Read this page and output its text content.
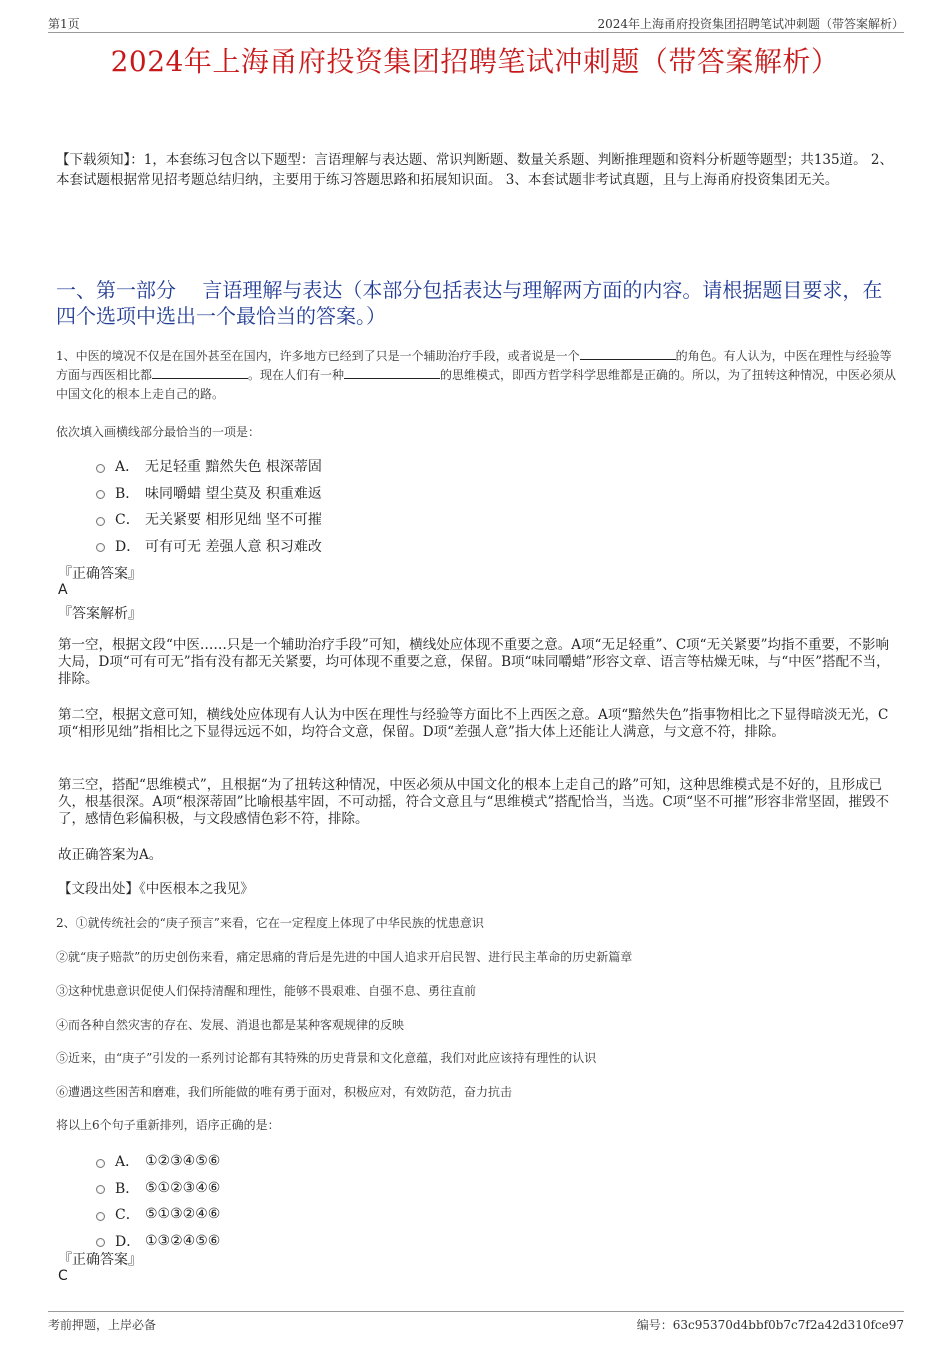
第1页	2024年上海甬府投资集团招聘笔试冲刺题（带答案解析）
2024年上海甬府投资集团招聘笔试冲刺题（带答案解析）
【下载须知】：1，本套练习包含以下题型：言语理解与表达题、常识判断题、数量关系题、判断推理题和资料分析题等题型；共135道。 2、本套试题根据常见招考题总结归纳，主要用于练习答题思路和拓展知识面。 3、本套试题非考试真题，且与上海甬府投资集团无关。
一、第一部分　 言语理解与表达（本部分包括表达与理解两方面的内容。请根据题目要求，在四个选项中选出一个最恰当的答案。）
1、中医的境况不仅是在国外甚至在国内，许多地方已经到了只是一个辅助治疗手段，或者说是一个	的角色。有人认为，中医在理性与经验等方面与西医相比都	。现在人们有一种	的思维模式，即西方哲学科学思维都是正确的。所以，为了扭转这种情况，中医必须从中国文化的根本上走自己的路。
依次填入画横线部分最恰当的一项是：
A． 无足轻重 黯然失色 根深蒂固
B． 味同嚼蜡 望尘莫及 积重难返
C． 无关紧要 相形见绌 坚不可摧
D． 可有可无 差强人意 积习难改
『正确答案』
A
『答案解析』
第一空，根据文段“中医……只是一个辅助治疗手段”可知，横线处应体现不重要之意。A项“无足轻重”、C项“无关紧要”均指不重要，不影响大局，D项“可有可无”指有没有都无关紧要，均可体现不重要之意，保留。B项“味同嚼蜡”形容文章、语言等枯燥无味，与“中医”搭配不当，排除。
第二空，根据文意可知，横线处应体现有人认为中医在理性与经验等方面比不上西医之意。A项“黯然失色”指事物相比之下显得暗淡无光，C项“相形见绌”指相比之下显得远远不如，均符合文意，保留。D项“差强人意”指大体上还能让人满意，与文意不符，排除。
第三空，搭配“思维模式”，且根据“为了扭转这种情况，中医必须从中国文化的根本上走自己的路”可知，这种思维模式是不好的，且形成已久，根基很深。A项“根深蒂固”比喻根基牢固，不可动摇，符合文意且与“思维模式”搭配恰当，当选。C项“坚不可摧”形容非常坚固，摧毁不了，感情色彩偏积极，与文段感情色彩不符，排除。
故正确答案为A。
【文段出处】《中医根本之我见》
2、①就传统社会的“庚子预言”来看，它在一定程度上体现了中华民族的忧患意识
②就“庚子赔款”的历史创伤来看，痛定思痛的背后是先进的中国人追求开启民智、进行民主革命的历史新篇章
③这种忧患意识促使人们保持清醒和理性，能够不畏艰难、自强不息、勇往直前
④而各种自然灾害的存在、发展、消退也都是某种客观规律的反映
⑤近来，由“庚子”引发的一系列讨论都有其特殊的历史背景和文化意蕴，我们对此应该持有理性的认识
⑥遭遇这些困苦和磨难，我们所能做的唯有勇于面对，积极应对，有效防范，奋力抗击
将以上6个句子重新排列，语序正确的是：
A． ①②③④⑤⑥
B． ⑤①②③④⑥
C． ⑤①③②④⑥
D． ①③②④⑤⑥
『正确答案』
C
考前押题，上岸必备	编号：63c95370d4bbf0b7c7f2a42d310fce97
